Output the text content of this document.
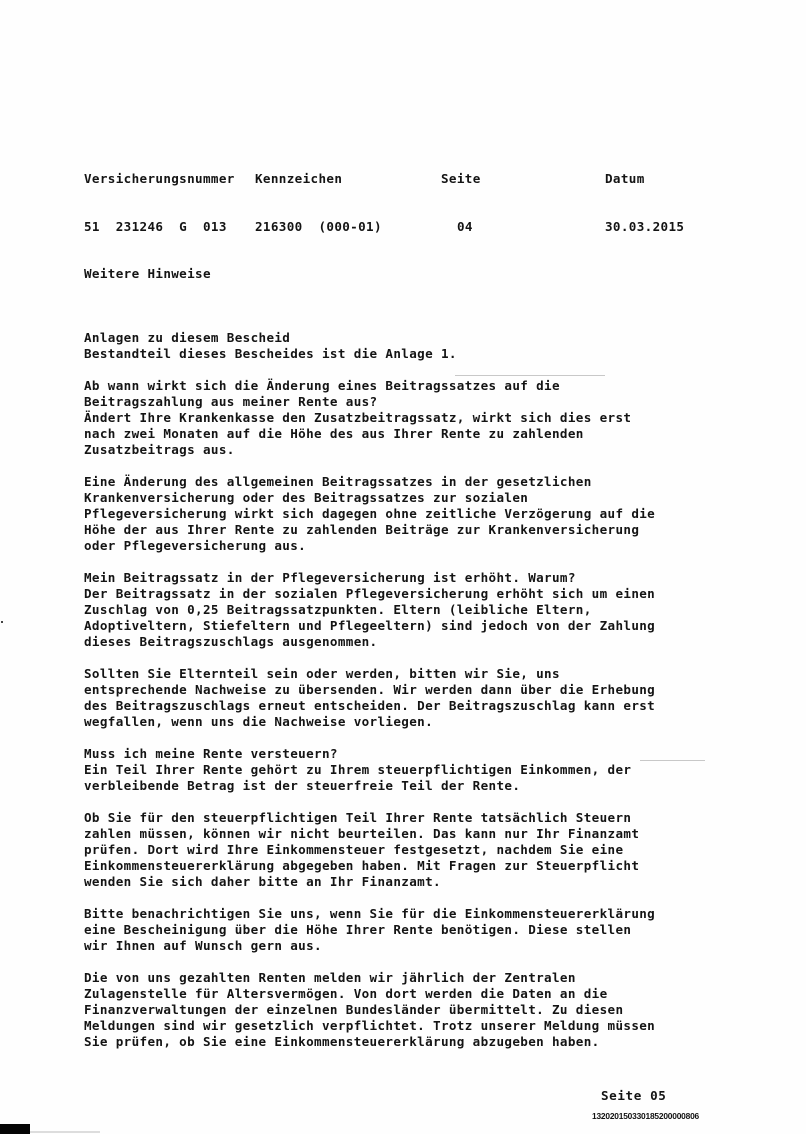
Versicherungsnummer

51  231246  G  013

Kennzeichen

216300  (000-01)

Seite

04

Datum

30.03.2015

Weitere Hinweise

Anlagen zu diesem Bescheid
Bestandteil dieses Bescheides ist die Anlage 1.
Ab wann wirkt sich die Änderung eines Beitragssatzes auf die
Beitragszahlung aus meiner Rente aus?
Ändert Ihre Krankenkasse den Zusatzbeitragssatz, wirkt sich dies erst
nach zwei Monaten auf die Höhe des aus Ihrer Rente zu zahlenden
Zusatzbeitrags aus.
Eine Änderung des allgemeinen Beitragssatzes in der gesetzlichen
Krankenversicherung oder des Beitragssatzes zur sozialen
Pflegeversicherung wirkt sich dagegen ohne zeitliche Verzögerung auf die
Höhe der aus Ihrer Rente zu zahlenden Beiträge zur Krankenversicherung
oder Pflegeversicherung aus.
Mein Beitragssatz in der Pflegeversicherung ist erhöht. Warum?
Der Beitragssatz in der sozialen Pflegeversicherung erhöht sich um einen
Zuschlag von 0,25 Beitragssatzpunkten. Eltern (leibliche Eltern,
Adoptiveltern, Stiefeltern und Pflegeeltern) sind jedoch von der Zahlung
dieses Beitragszuschlags ausgenommen.
Sollten Sie Elternteil sein oder werden, bitten wir Sie, uns
entsprechende Nachweise zu übersenden. Wir werden dann über die Erhebung
des Beitragszuschlags erneut entscheiden. Der Beitragszuschlag kann erst
wegfallen, wenn uns die Nachweise vorliegen.
Muss ich meine Rente versteuern?
Ein Teil Ihrer Rente gehört zu Ihrem steuerpflichtigen Einkommen, der
verbleibende Betrag ist der steuerfreie Teil der Rente.
Ob Sie für den steuerpflichtigen Teil Ihrer Rente tatsächlich Steuern
zahlen müssen, können wir nicht beurteilen. Das kann nur Ihr Finanzamt
prüfen. Dort wird Ihre Einkommensteuer festgesetzt, nachdem Sie eine
Einkommensteuererklärung abgegeben haben. Mit Fragen zur Steuerpflicht
wenden Sie sich daher bitte an Ihr Finanzamt.
Bitte benachrichtigen Sie uns, wenn Sie für die Einkommensteuererklärung
eine Bescheinigung über die Höhe Ihrer Rente benötigen. Diese stellen
wir Ihnen auf Wunsch gern aus.
Die von uns gezahlten Renten melden wir jährlich der Zentralen
Zulagenstelle für Altersvermögen. Von dort werden die Daten an die
Finanzverwaltungen der einzelnen Bundesländer übermittelt. Zu diesen
Meldungen sind wir gesetzlich verpflichtet. Trotz unserer Meldung müssen
Sie prüfen, ob Sie eine Einkommensteuererklärung abzugeben haben.
Seite 05
132020150330185200000806
